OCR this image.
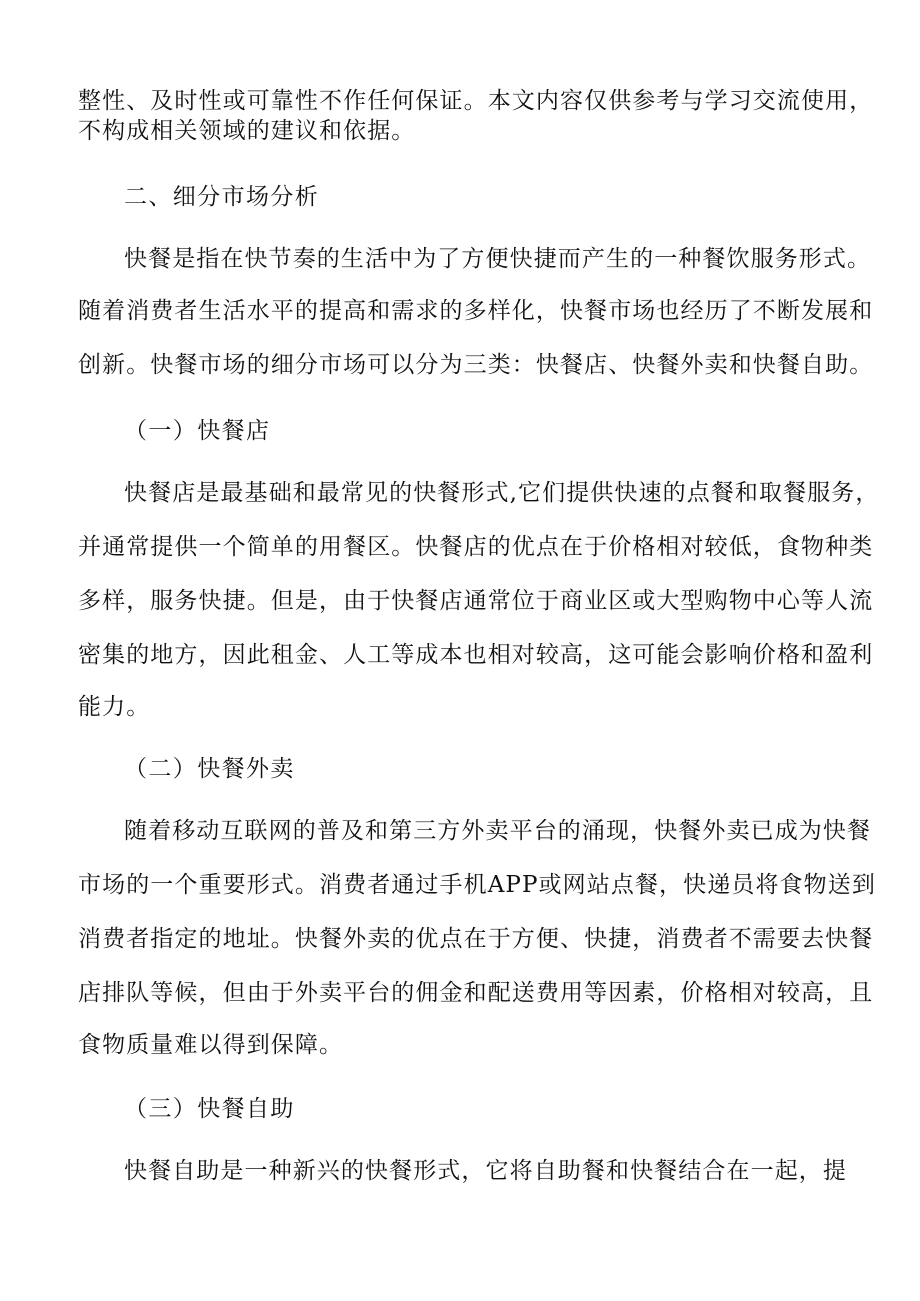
整性、及时性或可靠性不作任何保证。本文内容仅供参考与学习交流使用，
不构成相关领域的建议和依据。
二、细分市场分析
快餐是指在快节奏的生活中为了方便快捷而产生的一种餐饮服务形式。
随着消费者生活水平的提高和需求的多样化，快餐市场也经历了不断发展和
创新。快餐市场的细分市场可以分为三类：快餐店、快餐外卖和快餐自助。
（一）快餐店
快餐店是最基础和最常见的快餐形式,它们提供快速的点餐和取餐服务，
并通常提供一个简单的用餐区。快餐店的优点在于价格相对较低，食物种类
多样，服务快捷。但是，由于快餐店通常位于商业区或大型购物中心等人流
密集的地方，因此租金、人工等成本也相对较高，这可能会影响价格和盈利
能力。
（二）快餐外卖
随着移动互联网的普及和第三方外卖平台的涌现，快餐外卖已成为快餐
市场的一个重要形式。消费者通过手机APP或网站点餐，快递员将食物送到
消费者指定的地址。快餐外卖的优点在于方便、快捷，消费者不需要去快餐
店排队等候，但由于外卖平台的佣金和配送费用等因素，价格相对较高，且
食物质量难以得到保障。
（三）快餐自助
快餐自助是一种新兴的快餐形式，它将自助餐和快餐结合在一起，提
